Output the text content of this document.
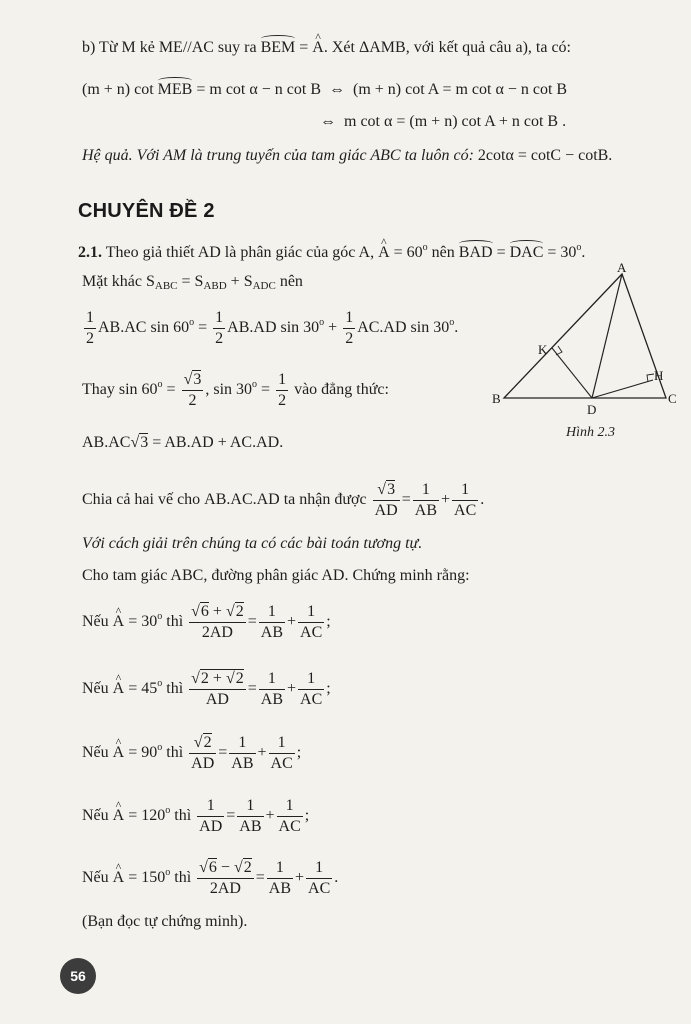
b) Từ M kẻ ME//AC suy ra BEM = ^ A. Xét ΔAMB, với kết quả câu a), ta có:
(m + n) cot MEB = m cot α − n cot B  ⇔  (m + n) cot A = m cot α − n cot B
⇔  m cot α = (m + n) cot A + n cot B .
Hệ quả. Với AM là trung tuyến của tam giác ABC ta luôn có: 2cotα = cotC − cotB.
CHUYÊN ĐỀ 2
2.1. Theo giả thiết AD là phân giác của góc A, ^ $A = 60^o$ nên BAD = DAC = $30^o$.
Mặt khác $S_{ABC} = S_{ABD} + S_{ADC}$ nên
$\frac{1}{2} AB.AC$ $\sin 60^o = \frac{1}{2} AB.AD$ $\sin 30^o + \frac{1}{2} AC.AD$ sin 30$^o$.
Thay $\sin 60^o = \frac{√3}{2}$ , $\sin 30^o = \frac{1}{2}$ vào đẳng thức:
AB.AC√3 = AB.AD + AC.AD.
Chia cả hai vế cho AB.AC.AD ta nhận được $\frac{√3}{AD} = \frac{1}{AB} + \frac{1}{AC}$ .
Với cách giải trên chúng ta có các bài toán tương tự.
Cho tam giác ABC, đường phân giác AD. Chứng minh rằng:
Nếu ^ $A = 30^o$ thì $\frac{√6 + √2}{2AD} = \frac{1}{AB} + \frac{1}{AC}$ ;
Nếu ^ $A = 45^o$ thì $\frac{√2 + √2}{AD} = \frac{1}{AB} + \frac{1}{AC}$ ;
Nếu ^ $A = 90^o$ thì $\frac{√2}{AD} = \frac{1}{AB} + \frac{1}{AC}$ ;
Nếu ^ $A = 120^o$ thì $\frac{1}{AD} = \frac{1}{AB} + \frac{1}{AC}$ ;
Nếu ^ $A = 150^o$ thì $\frac{√6 - √2}{2AD} = \frac{1}{AB} + \frac{1}{AC}$ .
(Bạn đọc tự chứng minh).
A
K
H
B
D
C
Hình 2.3
56
